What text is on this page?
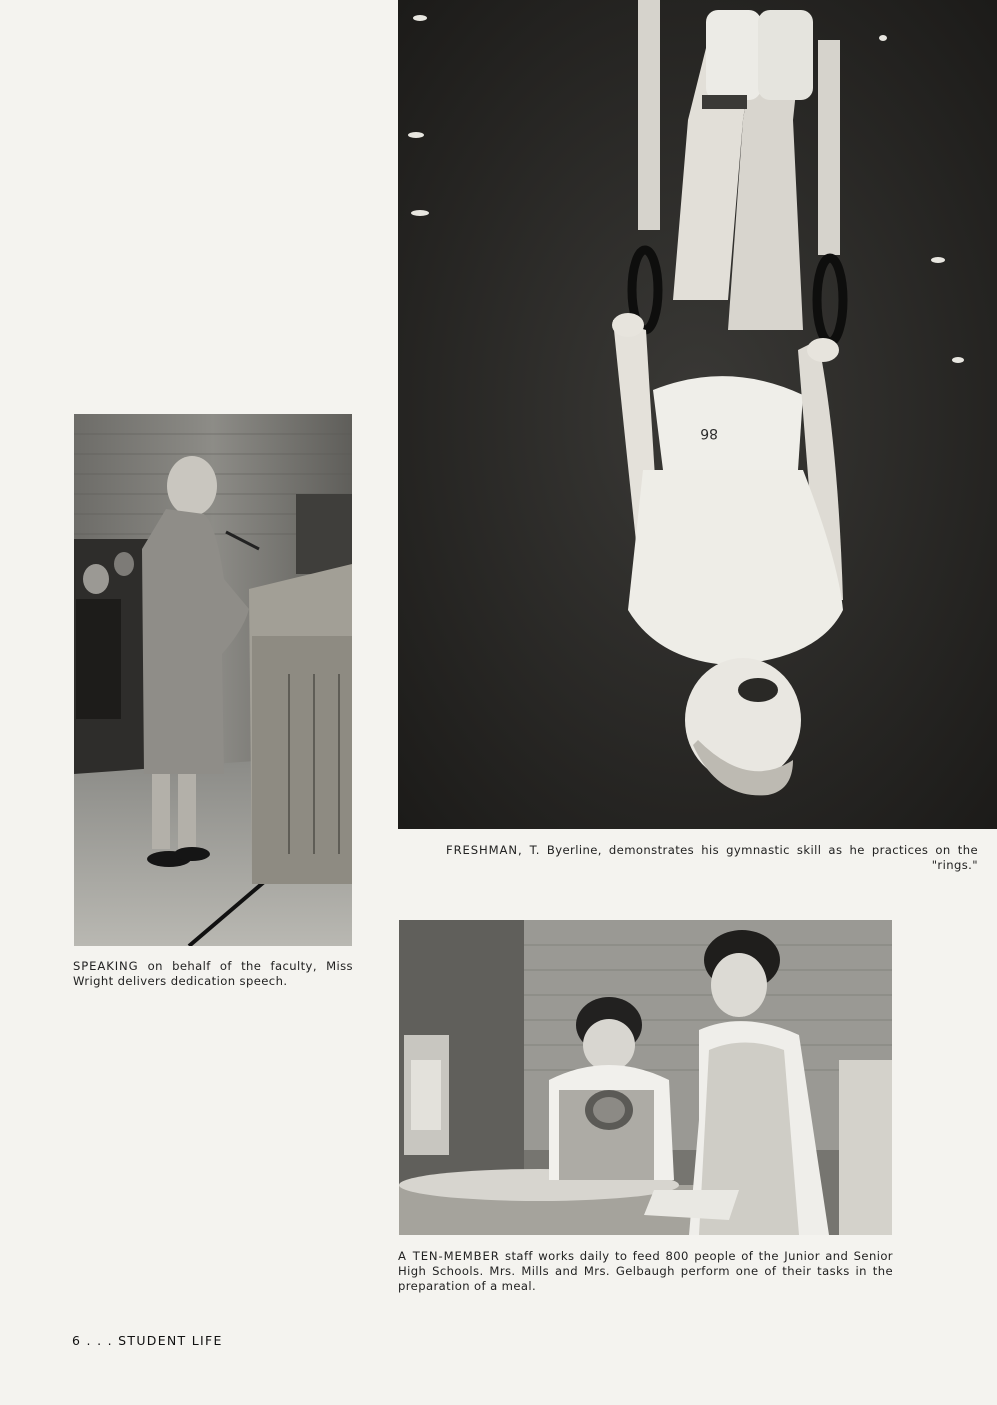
86
SPEAKING on behalf of the faculty, Miss Wright delivers dedication speech.
FRESHMAN, T. Byerline, demonstrates his gymnastic skill as he practices on the "rings."
A TEN-MEMBER staff works daily to feed 800 people of the Junior and Senior High Schools. Mrs. Mills and Mrs. Gelbaugh perform one of their tasks in the preparation of a meal.
6 . . . STUDENT LIFE
